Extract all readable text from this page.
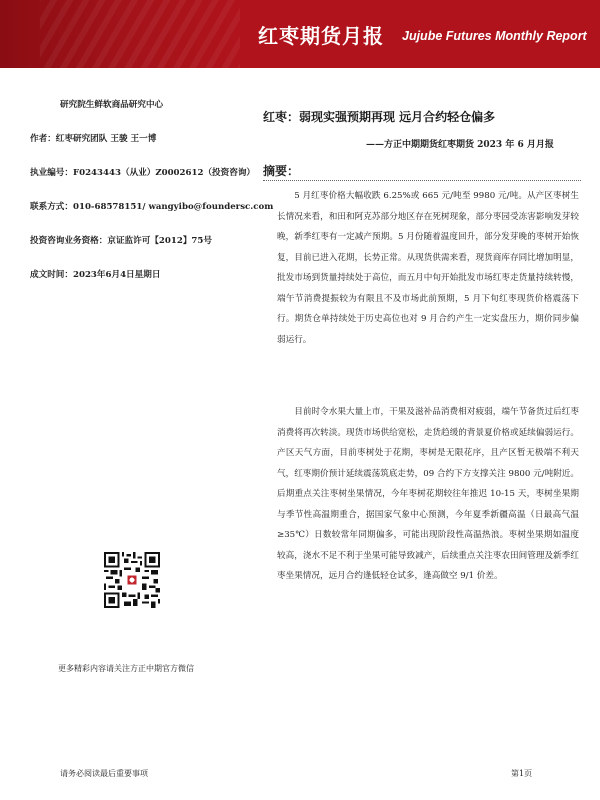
红枣期货月报 Jujube Futures Monthly Report
研究院生鲜软商品研究中心
作者：红枣研究团队 王骏 王一博
执业编号：F0243443（从业）Z0002612（投资咨询）
联系方式：010-68578151/ wangyibo@foundersc.com
投资咨询业务资格：京证监许可【2012】75号
成文时间：2023年6月4日星期日
更多精彩内容请关注方正中期官方微信
红枣：弱现实强预期再现 远月合约轻仓偏多
——方正中期期货红枣期货 2023 年 6 月月报
摘要：

5 月红枣价格大幅收跌 6.25%或 665 元/吨至 9980 元/吨。从产区枣树生长情况来看，和田和阿克苏部分地区存在死树现象，部分枣园受冻害影响发芽较晚，新季红枣有一定减产预期。5 月份随着温度回升，部分发芽晚的枣树开始恢复，目前已进入花期，长势正常。从现货供需来看，现货商库存同比增加明显，批发市场到货量持续处于高位，而五月中旬开始批发市场红枣走货量持续转慢，端午节消费提振较为有限且不及市场此前预期，5 月下旬红枣现货价格震荡下行。期货仓单持续处于历史高位也对 9 月合约产生一定实盘压力，期价同步偏弱运行。

目前时令水果大量上市，干果及滋补品消费相对疲弱，端午节备货过后红枣消费将再次转淡。现货市场供给宽松，走货趋缓的背景夏价格或延续偏弱运行。产区天气方面，目前枣树处于花期，枣树是无限花序，且产区暂无极端不利天气，红枣期价预计延续震荡筑底走势，09 合约下方支撑关注 9800 元/吨附近。后期重点关注枣树坐果情况，今年枣树花期较往年推迟 10-15 天，枣树坐果期与季节性高温期重合，据国家气象中心预测，今年夏季新疆高温（日最高气温≥35℃）日数较常年同期偏多，可能出现阶段性高温热浪。枣树坐果期如温度较高，浇水不足不利于坐果可能导致减产，后续重点关注枣农田间管理及新季红枣坐果情况，远月合约逢低轻仓试多，逢高做空 9/1 价差。

请务必阅读最后重要事项	第1页
